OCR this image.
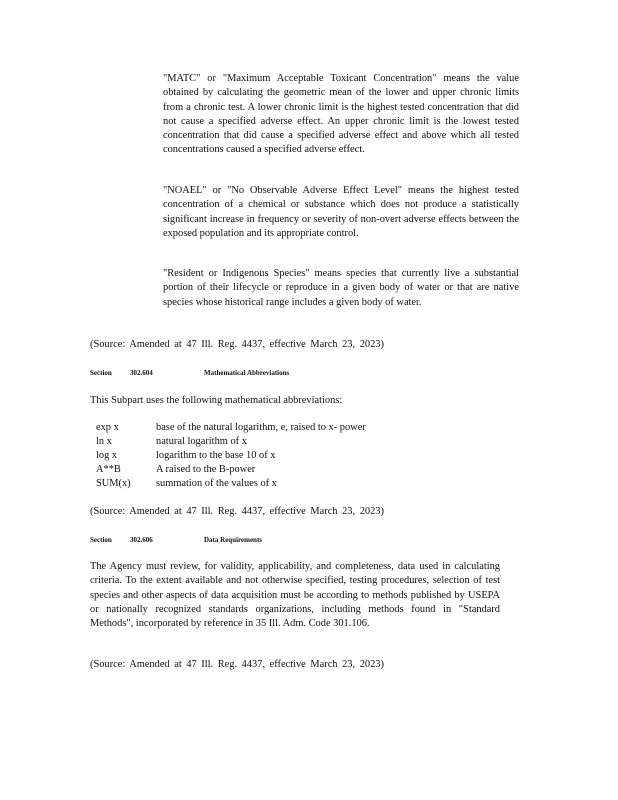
"MATC" or "Maximum Acceptable Toxicant Concentration" means the value obtained by calculating the geometric mean of the lower and upper chronic limits from a chronic test. A lower chronic limit is the highest tested concentration that did not cause a specified adverse effect. An upper chronic limit is the lowest tested concentration that did cause a specified adverse effect and above which all tested concentrations caused a specified adverse effect.

"NOAEL" or "No Observable Adverse Effect Level" means the highest tested concentration of a chemical or substance which does not produce a statistically significant increase in frequency or severity of non-overt adverse effects between the exposed population and its appropriate control.

"Resident or Indigenous Species" means species that currently live a substantial portion of their lifecycle or reproduce in a given body of water or that are native species whose historical range includes a given body of water.

(Source: Amended at 47 Ill. Reg. 4437, effective March 23, 2023)

Section	302.604	Mathematical Abbreviations

This Subpart uses the following mathematical abbreviations:

exp x	base of the natural logarithm, e, raised to x- power
ln x	natural logarithm of x
log x	logarithm to the base 10 of x
A**B	A raised to the B-power
SUM(x)	summation of the values of x

(Source: Amended at 47 Ill. Reg. 4437, effective March 23, 2023)

Section	302.606	Data Requirements

The Agency must review, for validity, applicability, and completeness, data used in calculating criteria. To the extent available and not otherwise specified, testing procedures, selection of test species and other aspects of data acquisition must be according to methods published by USEPA or nationally recognized standards organizations, including methods found in "Standard Methods", incorporated by reference in 35 Ill. Adm. Code 301.106.

(Source: Amended at 47 Ill. Reg. 4437, effective March 23, 2023)
